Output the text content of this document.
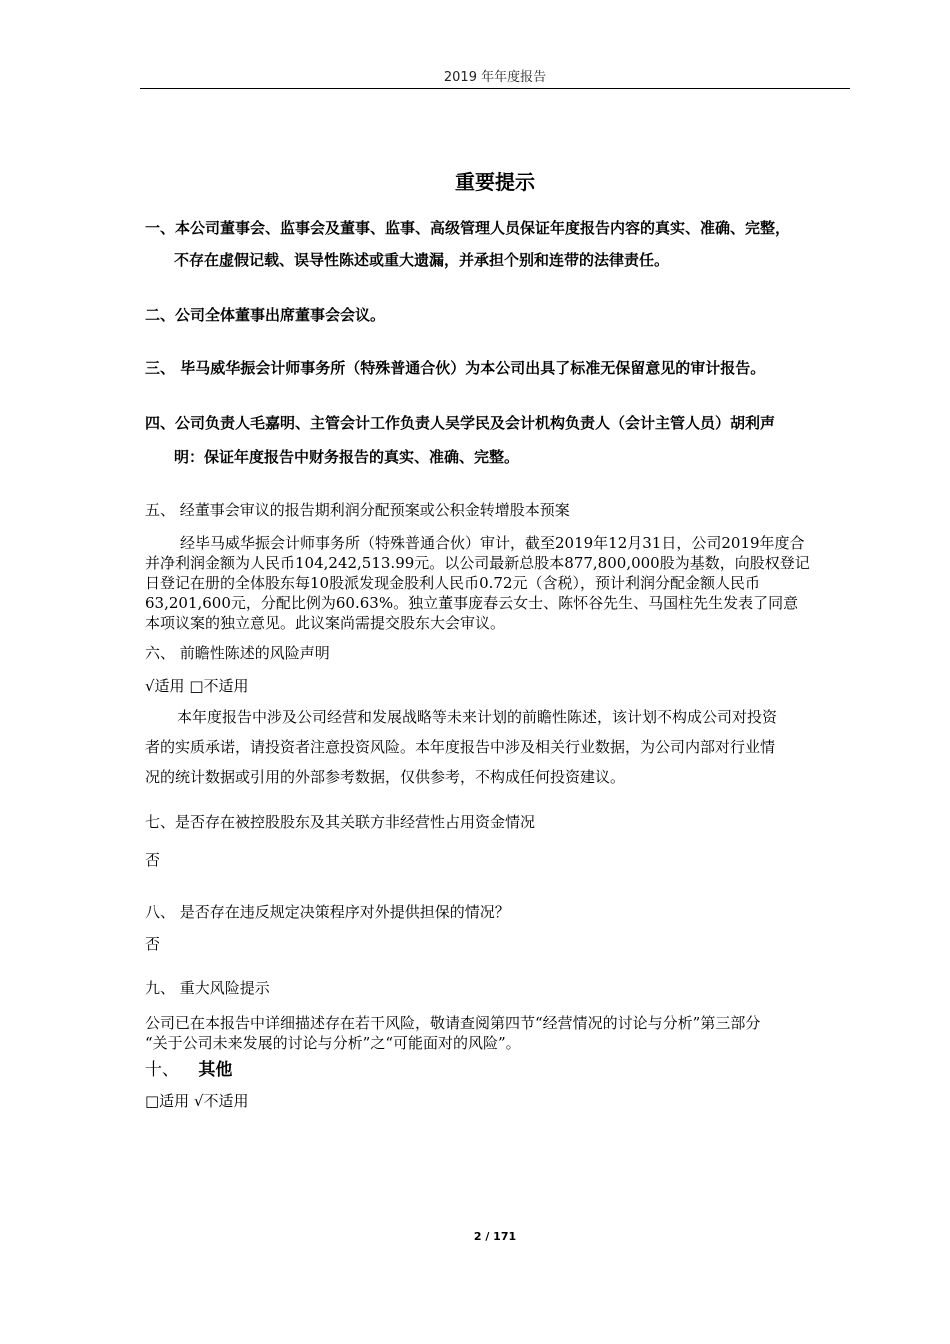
2019 年年度报告
重要提示
一、本公司董事会、监事会及董事、监事、高级管理人员保证年度报告内容的真实、准确、完整，
不存在虚假记载、误导性陈述或重大遗漏，并承担个别和连带的法律责任。
二、公司全体董事出席董事会会议。
三、 毕马威华振会计师事务所（特殊普通合伙）为本公司出具了标准无保留意见的审计报告。
四、公司负责人毛嘉明、主管会计工作负责人吴学民及会计机构负责人（会计主管人员）胡利声
明：保证年度报告中财务报告的真实、准确、完整。
五、 经董事会审议的报告期利润分配预案或公积金转增股本预案

经毕马威华振会计师事务所（特殊普通合伙）审计，截至2019年12月31日，公司2019年度合

并净利润金额为人民币104,242,513.99元。以公司最新总股本877,800,000股为基数，向股权登记

日登记在册的全体股东每10股派发现金股利人民币0.72元（含税），预计利润分配金额人民币

63,201,600元，分配比例为60.63%。独立董事庞春云女士、陈怀谷先生、马国柱先生发表了同意

本项议案的独立意见。此议案尚需提交股东大会审议。

六、 前瞻性陈述的风险声明
√适用 □不适用

本年度报告中涉及公司经营和发展战略等未来计划的前瞻性陈述，该计划不构成公司对投资

者的实质承诺，请投资者注意投资风险。本年度报告中涉及相关行业数据，为公司内部对行业情

况的统计数据或引用的外部参考数据，仅供参考，不构成任何投资建议。

七、是否存在被控股股东及其关联方非经营性占用资金情况
否
八、 是否存在违反规定决策程序对外提供担保的情况？
否
九、 重大风险提示

公司已在本报告中详细描述存在若干风险，敬请查阅第四节“经营情况的讨论与分析”第三部分

“关于公司未来发展的讨论与分析”之“可能面对的风险”。

十、 其他
□适用 √不适用
2 / 171
